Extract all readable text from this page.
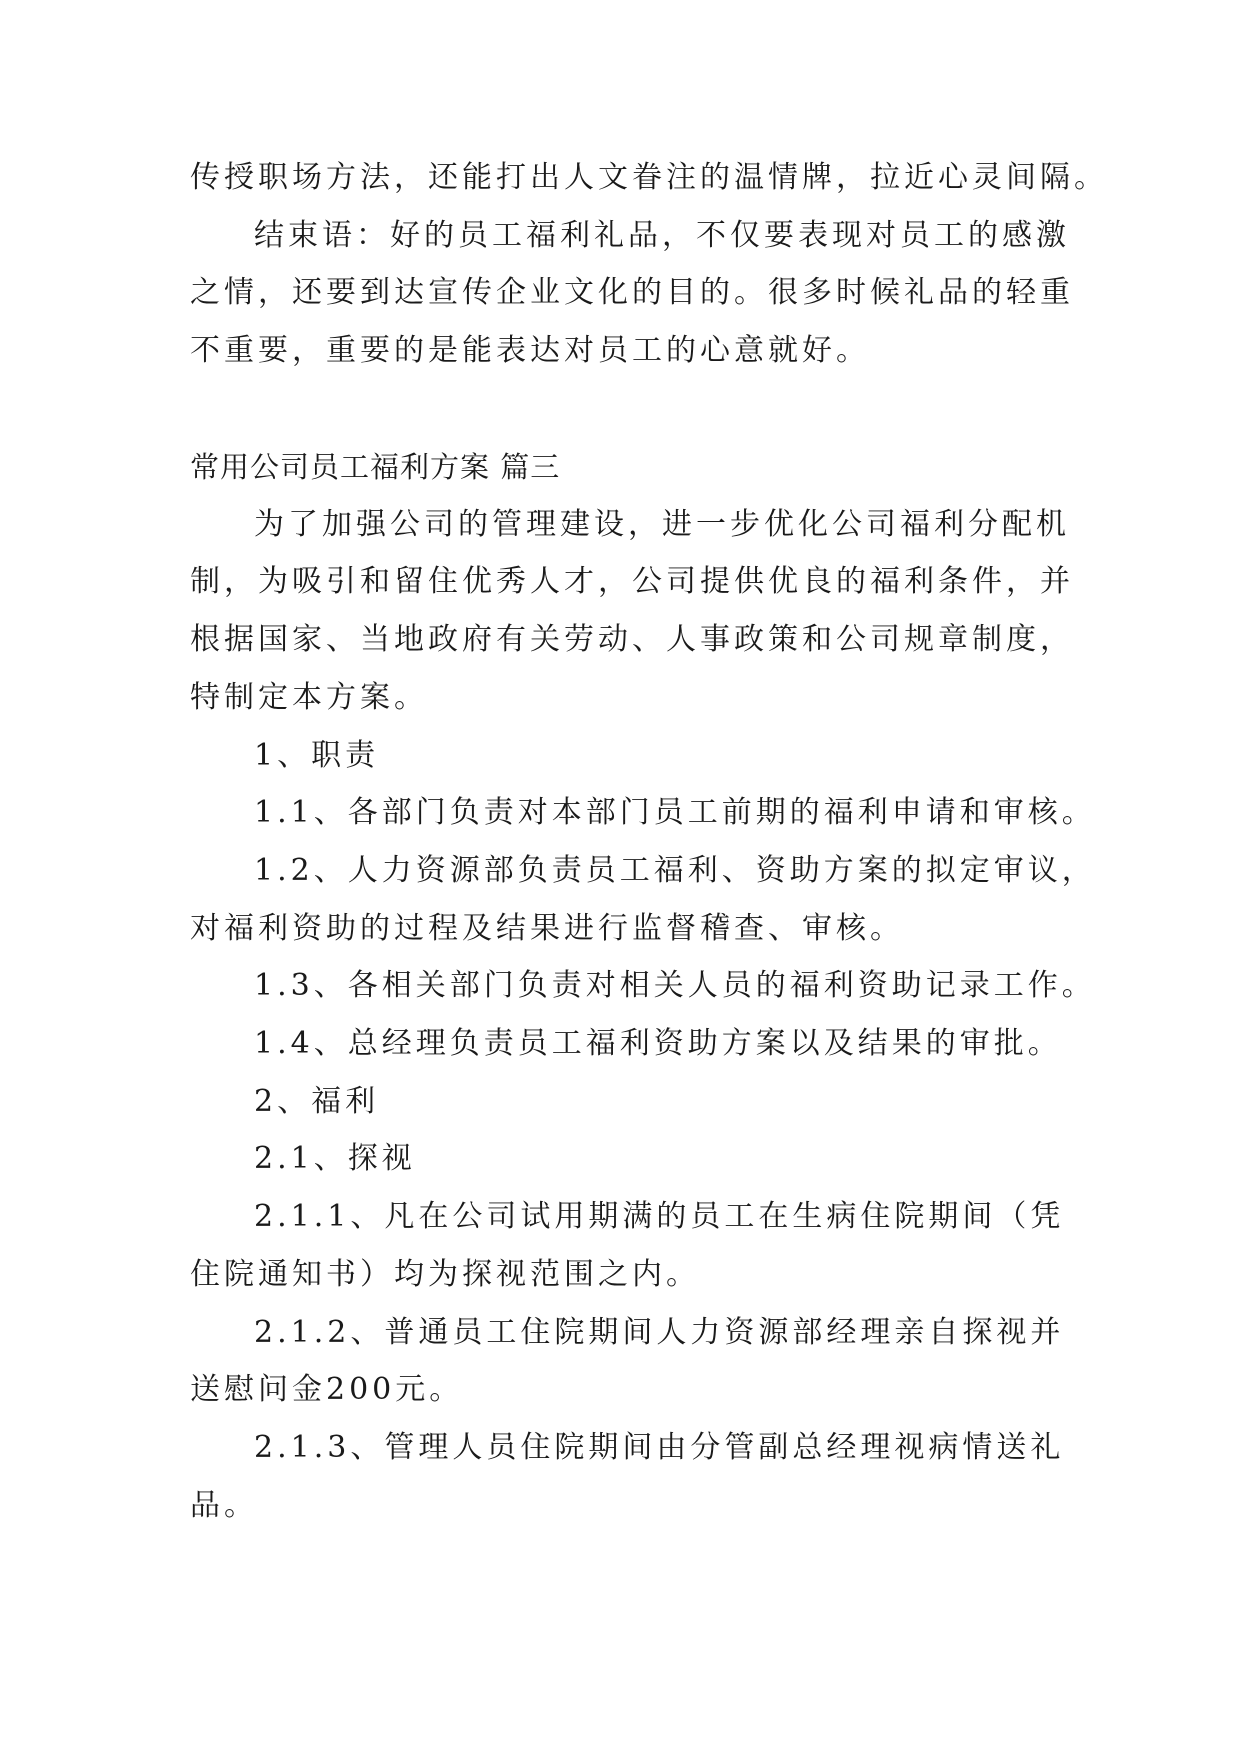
传授职场方法，还能打出人文眷注的温情牌，拉近心灵间隔。
结束语：好的员工福利礼品，不仅要表现对员工的感激
之情，还要到达宣传企业文化的目的。很多时候礼品的轻重
不重要，重要的是能表达对员工的心意就好。
常用公司员工福利方案 篇三
为了加强公司的管理建设，进一步优化公司福利分配机
制，为吸引和留住优秀人才，公司提供优良的福利条件，并
根据国家、当地政府有关劳动、人事政策和公司规章制度，
特制定本方案。
1、职责
1.1、各部门负责对本部门员工前期的福利申请和审核。
1.2、人力资源部负责员工福利、资助方案的拟定审议，
对福利资助的过程及结果进行监督稽查、审核。
1.3、各相关部门负责对相关人员的福利资助记录工作。
1.4、总经理负责员工福利资助方案以及结果的审批。
2、福利
2.1、探视
2.1.1、凡在公司试用期满的员工在生病住院期间（凭
住院通知书）均为探视范围之内。
2.1.2、普通员工住院期间人力资源部经理亲自探视并
送慰问金200元。
2.1.3、管理人员住院期间由分管副总经理视病情送礼
品。
